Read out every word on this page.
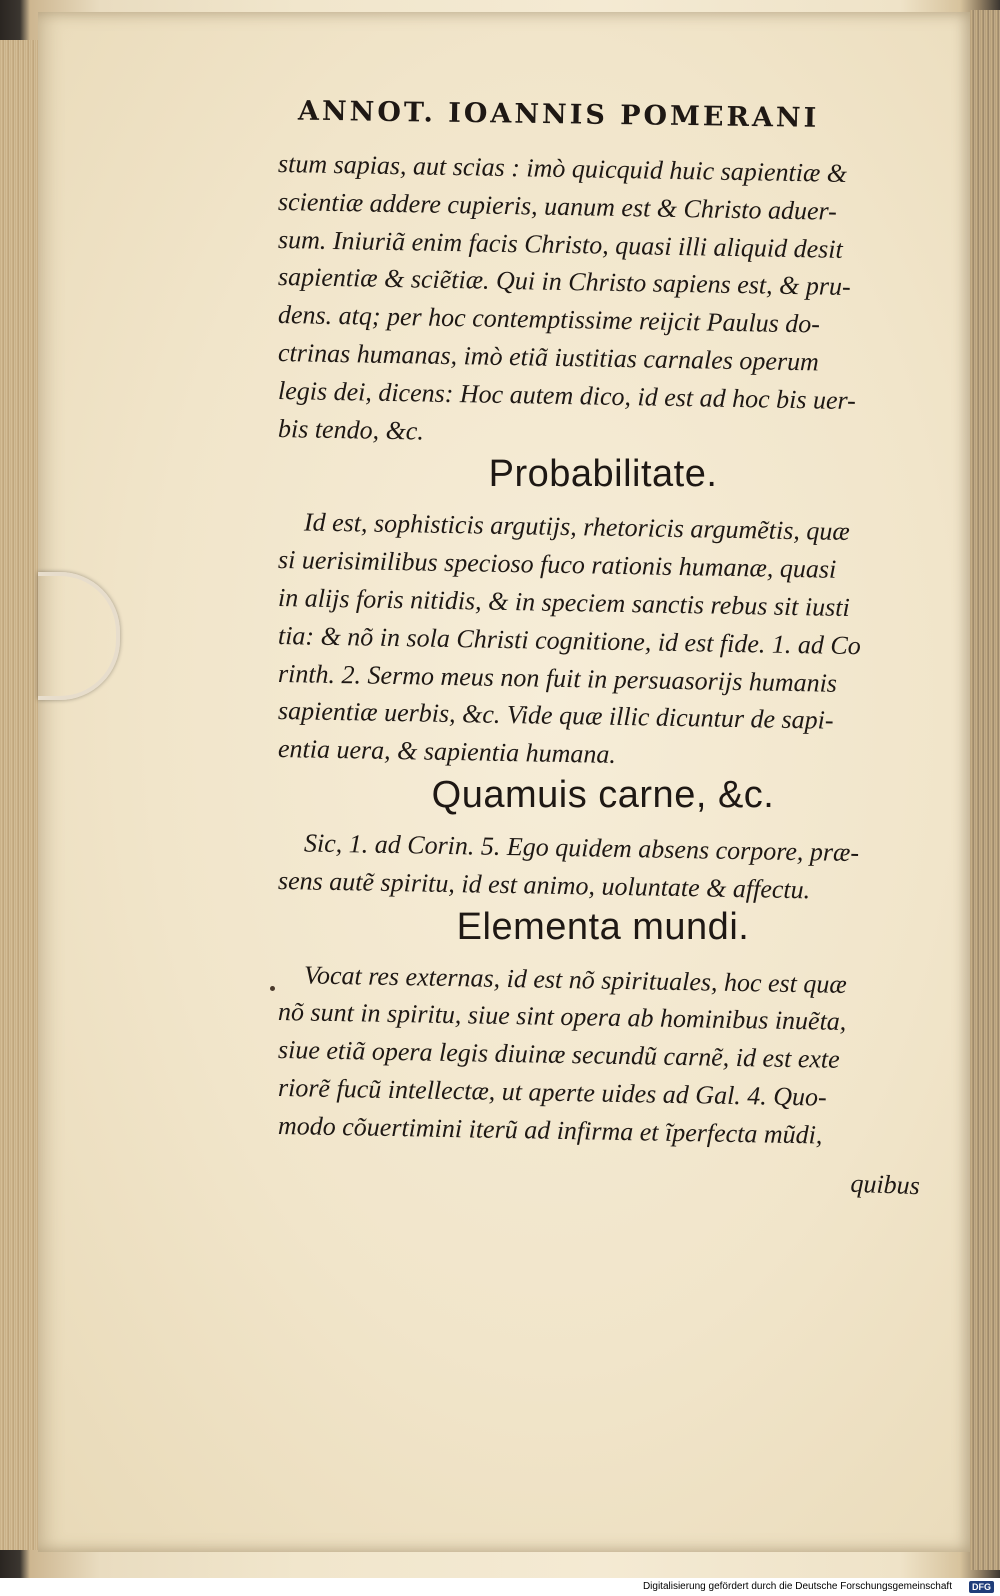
ANNOT. IOANNIS POMERANI
stum sapias, aut scias : imò quicquid huic sapientiæ &
scientiæ addere cupieris, uanum est & Christo aduer-
sum. Iniuriã enim facis Christo, quasi illi aliquid desit
sapientiæ & sciẽtiæ. Qui in Christo sapiens est, & pru-
dens. atq; per hoc contemptissime reijcit Paulus do-
ctrinas humanas, imò etiã iustitias carnales operum
legis dei, dicens: Hoc autem dico, id est ad hoc bis uer-
bis tendo, &c.
Probabilitate.
Id est, sophisticis argutijs, rhetoricis argumẽtis, quæ
si uerisimilibus specioso fuco rationis humanæ, quasi
in alijs foris nitidis, & in speciem sanctis rebus sit iusti
tia: & nõ in sola Christi cognitione, id est fide. 1. ad Co
rinth. 2. Sermo meus non fuit in persuasorijs humanis
sapientiæ uerbis, &c. Vide quæ illic dicuntur de sapi-
entia uera, & sapientia humana.
Quamuis carne, &c.
Sic, 1. ad Corin. 5. Ego quidem absens corpore, præ-
sens autẽ spiritu, id est animo, uoluntate & affectu.
Elementa mundi.
Vocat res externas, id est nõ spirituales, hoc est quæ
nõ sunt in spiritu, siue sint opera ab hominibus inuẽta,
siue etiã opera legis diuinæ secundũ carnẽ, id est exte
riorẽ fucũ intellectæ, ut aperte uides ad Gal. 4. Quo-
modo cõuertimini iterũ ad infirma et ĩperfecta mũdi,
quibus
Digitalisierung gefördert durch die Deutsche Forschungsgemeinschaft	DFG
